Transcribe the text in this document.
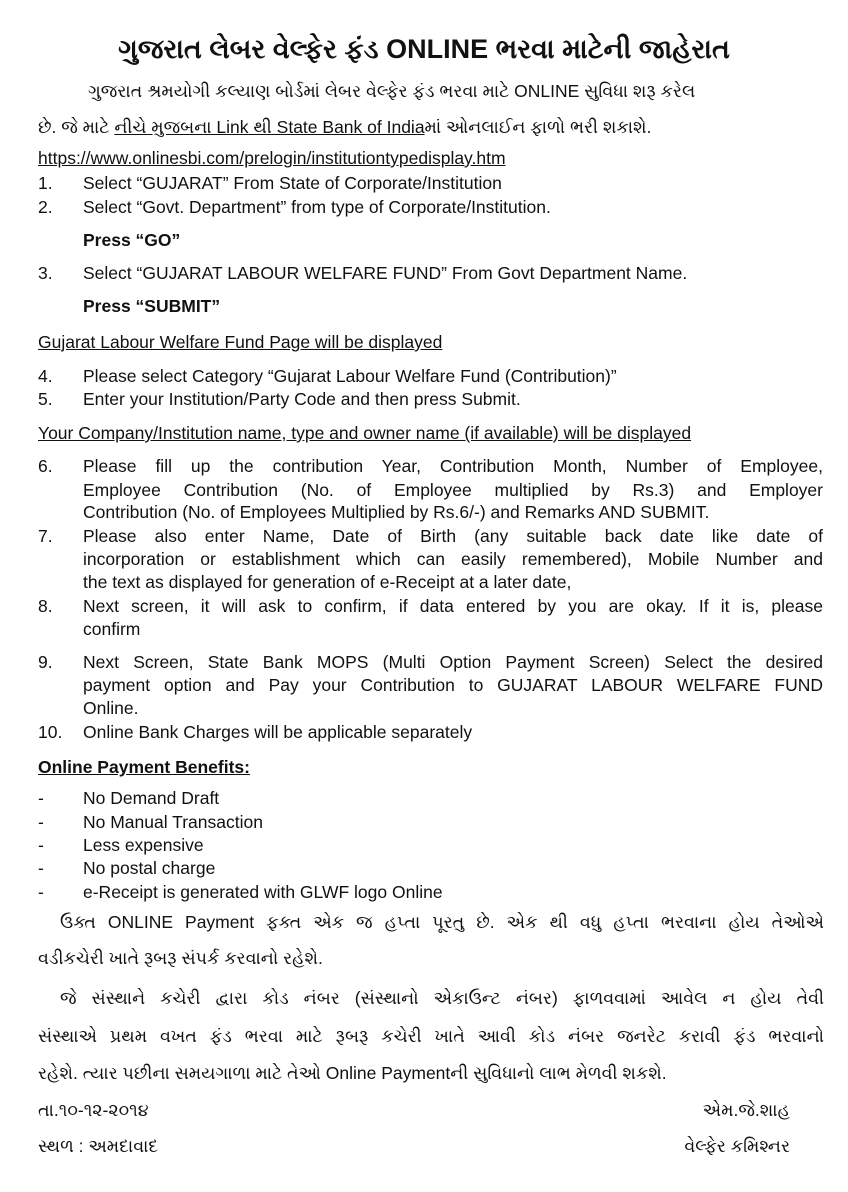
ગુજરાત લેબર વેલ્ફેર ફંડ ONLINE ભરવા માટેની જાહેરાત
ગુજરાત શ્રમયોગી કલ્યાણ બોર્ડમાં લેબર વેલ્ફેર ફંડ ભરવા માટે ONLINE સુવિધા શરૂ કરેલ
છે. જે માટે નીચે મુજબના Link થી State Bank of Indiaમાં ઓનલાઈન ફાળો ભરી શકાશે.
https://www.onlinesbi.com/prelogin/institutiontypedisplay.htm
1. Select “GUJARAT” From State of Corporate/Institution
2. Select “Govt. Department” from type of Corporate/Institution.
Press “GO”
3. Select “GUJARAT LABOUR WELFARE FUND” From Govt Department Name.
Press “SUBMIT”
Gujarat Labour Welfare Fund Page will be displayed
4. Please select Category “Gujarat Labour Welfare Fund (Contribution)”
5. Enter your Institution/Party Code and then press Submit.
Your Company/Institution name, type and owner name (if available) will be displayed
6. Please fill up the contribution Year, Contribution Month, Number of Employee,
Employee Contribution (No. of Employee multiplied by Rs.3) and Employer
Contribution (No. of Employees Multiplied by Rs.6/-) and Remarks AND SUBMIT.
7. Please also enter Name, Date of Birth (any suitable back date like date of
incorporation or establishment which can easily remembered), Mobile Number and
the text as displayed for generation of e-Receipt at a later date,
8. Next screen, it will ask to confirm, if data entered by you are okay. If it is, please
confirm
9. Next Screen, State Bank MOPS (Multi Option Payment Screen) Select the desired
payment option and Pay your Contribution to GUJARAT LABOUR WELFARE FUND
Online.
10. Online Bank Charges will be applicable separately
Online Payment Benefits:
- No Demand Draft
- No Manual Transaction
- Less expensive
- No postal charge
- e-Receipt is generated with GLWF logo Online
ઉક્ત ONLINE Payment ફક્ત એક જ હપ્તા પૂરતુ છે. એક થી વધુ હપ્તા ભરવાના હોય તેઓએ
વડીકચેરી ખાતે રૂબરૂ સંપર્ક કરવાનો રહેશે.
જે સંસ્થાને કચેરી દ્વારા કોડ નંબર (સંસ્થાનો એકાઉન્ટ નંબર) ફાળવવામાં આવેલ ન હોય તેવી
સંસ્થાએ પ્રથમ વખત ફંડ ભરવા માટે રૂબરૂ કચેરી ખાતે આવી કોડ નંબર જનરેટ કરાવી ફંડ ભરવાનો
રહેશે. ત્યાર પછીના સમયગાળા માટે તેઓ Online Paymentની સુવિધાનો લાભ મેળવી શકશે.
તા.૧૦-૧૨-૨૦૧૪
સ્થળ : અમદાવાદ
એમ.જે.શાહ
વેલ્ફેર કમિશ્નર
